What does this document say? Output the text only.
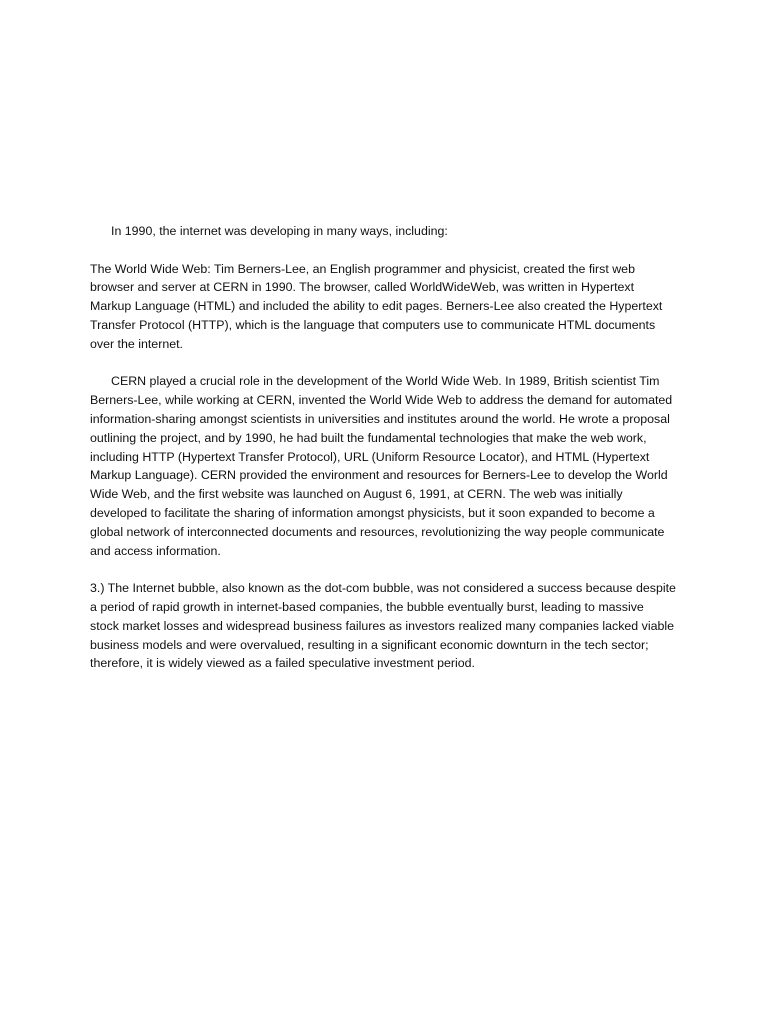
In 1990, the internet was developing in many ways, including:

The World Wide Web: Tim Berners-Lee, an English programmer and physicist, created the first web browser and server at CERN in 1990. The browser, called WorldWideWeb, was written in Hypertext Markup Language (HTML) and included the ability to edit pages. Berners-Lee also created the Hypertext Transfer Protocol (HTTP), which is the language that computers use to communicate HTML documents over the internet.

CERN played a crucial role in the development of the World Wide Web. In 1989, British scientist Tim Berners-Lee, while working at CERN, invented the World Wide Web to address the demand for automated information-sharing amongst scientists in universities and institutes around the world. He wrote a proposal outlining the project, and by 1990, he had built the fundamental technologies that make the web work, including HTTP (Hypertext Transfer Protocol), URL (Uniform Resource Locator), and HTML (Hypertext Markup Language). CERN provided the environment and resources for Berners-Lee to develop the World Wide Web, and the first website was launched on August 6, 1991, at CERN. The web was initially developed to facilitate the sharing of information amongst physicists, but it soon expanded to become a global network of interconnected documents and resources, revolutionizing the way people communicate and access information.

3.) The Internet bubble, also known as the dot-com bubble, was not considered a success because despite a period of rapid growth in internet-based companies, the bubble eventually burst, leading to massive stock market losses and widespread business failures as investors realized many companies lacked viable business models and were overvalued, resulting in a significant economic downturn in the tech sector; therefore, it is widely viewed as a failed speculative investment period.
